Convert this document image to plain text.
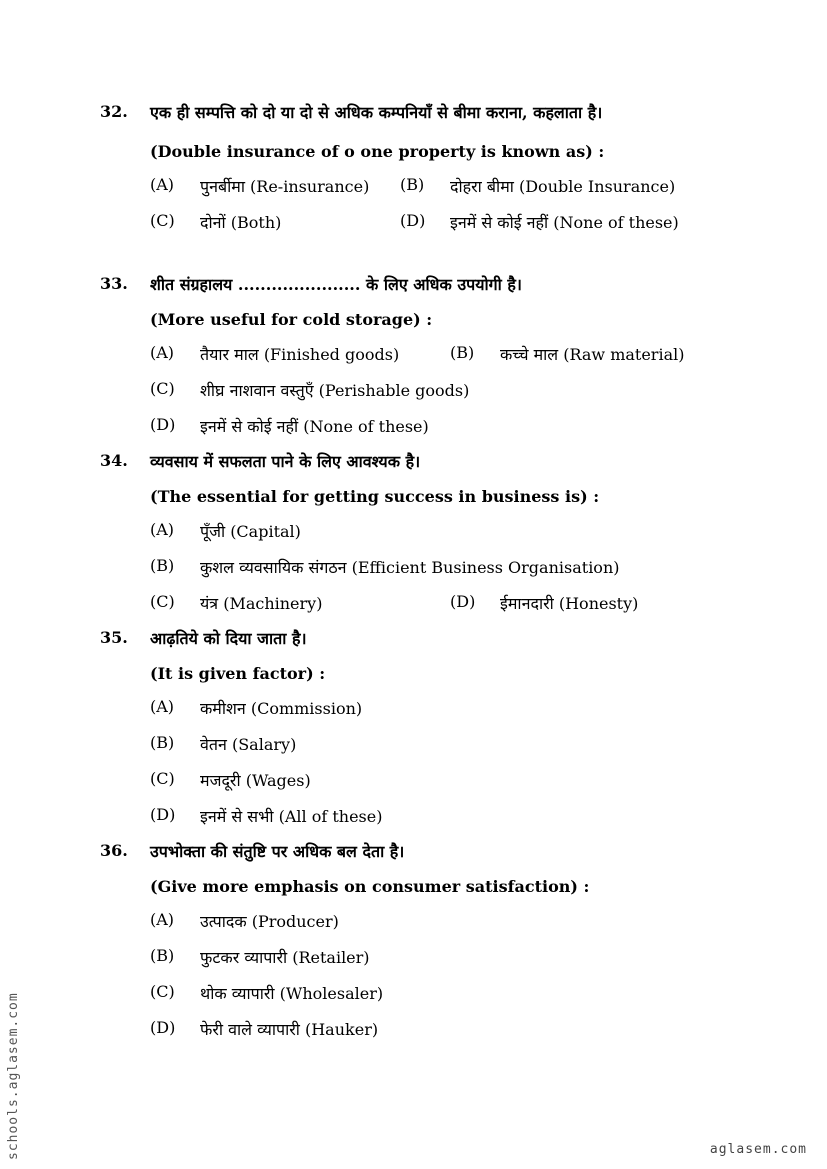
32. एक ही सम्पत्ति को दो या दो से अधिक कम्पनियाँ से बीमा कराना, कहलाता है।
(Double insurance of o one property is known as) :
(A)	पुनर्बीमा (Re-insurance) (B)	दोहरा बीमा (Double Insurance)
(C)	दोनों (Both)	(D)	इनमें से कोई नहीं (None of these)
33. शीत संग्रहालय ...................... के लिए अधिक उपयोगी है।
(More useful for cold storage) :
(A)	तैयार माल (Finished goods)	(B)	कच्चे माल (Raw material)
(C)	शीघ्र नाशवान वस्तुएँ (Perishable goods)
(D)	इनमें से कोई नहीं (None of these)
34. व्यवसाय में सफलता पाने के लिए आवश्यक है।
(The essential for getting success in business is) :
(A)	पूँजी (Capital)
(B)	कुशल व्यवसायिक संगठन (Efficient Business Organisation)
(C)	यंत्र (Machinery)	(D)	ईमानदारी (Honesty)
35. आढ़तिये को दिया जाता है।
(It is given factor) :
(A)	कमीशन (Commission)
(B)	वेतन (Salary)
(C)	मजदूरी (Wages)
(D)	इनमें से सभी (All of these)
36. उपभोक्ता की संतुष्टि पर अधिक बल देता है।
(Give more emphasis on consumer satisfaction) :
(A)	उत्पादक (Producer)
(B)	फुटकर व्यापारी (Retailer)
(C)	थोक व्यापारी (Wholesaler)
(D)	फेरी वाले व्यापारी (Hauker)
schools.aglasem.com	aglasem.com
